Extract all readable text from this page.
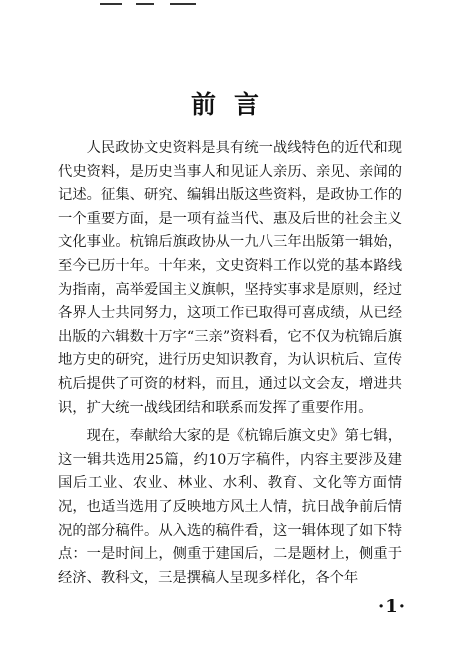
前言

人民政协文史资料是具有统一战线特色的近代和现代史资料，是历史当事人和见证人亲历、亲见、亲闻的记述。征集、研究、编辑出版这些资料，是政协工作的一个重要方面，是一项有益当代、惠及后世的社会主义文化事业。杭锦后旗政协从一九八三年出版第一辑始，至今已历十年。十年来，文史资料工作以党的基本路线为指南，高举爱国主义旗帜，坚持实事求是原则，经过各界人士共同努力，这项工作已取得可喜成绩，从已经出版的六辑数十万字“三亲”资料看，它不仅为杭锦后旗地方史的研究，进行历史知识教育，为认识杭后、宣传杭后提供了可资的材料，而且，通过以文会友，增进共识，扩大统一战线团结和联系而发挥了重要作用。

现在，奉献给大家的是《杭锦后旗文史》第七辑，这一辑共选用25篇，约10万字稿件，内容主要涉及建国后工业、农业、林业、水利、教育、文化等方面情况，也适当选用了反映地方风土人情，抗日战争前后情况的部分稿件。从入选的稿件看，这一辑体现了如下特点：一是时间上，侧重于建国后，二是题材上，侧重于经济、教科文，三是撰稿人呈现多样化，各个年

·1·
